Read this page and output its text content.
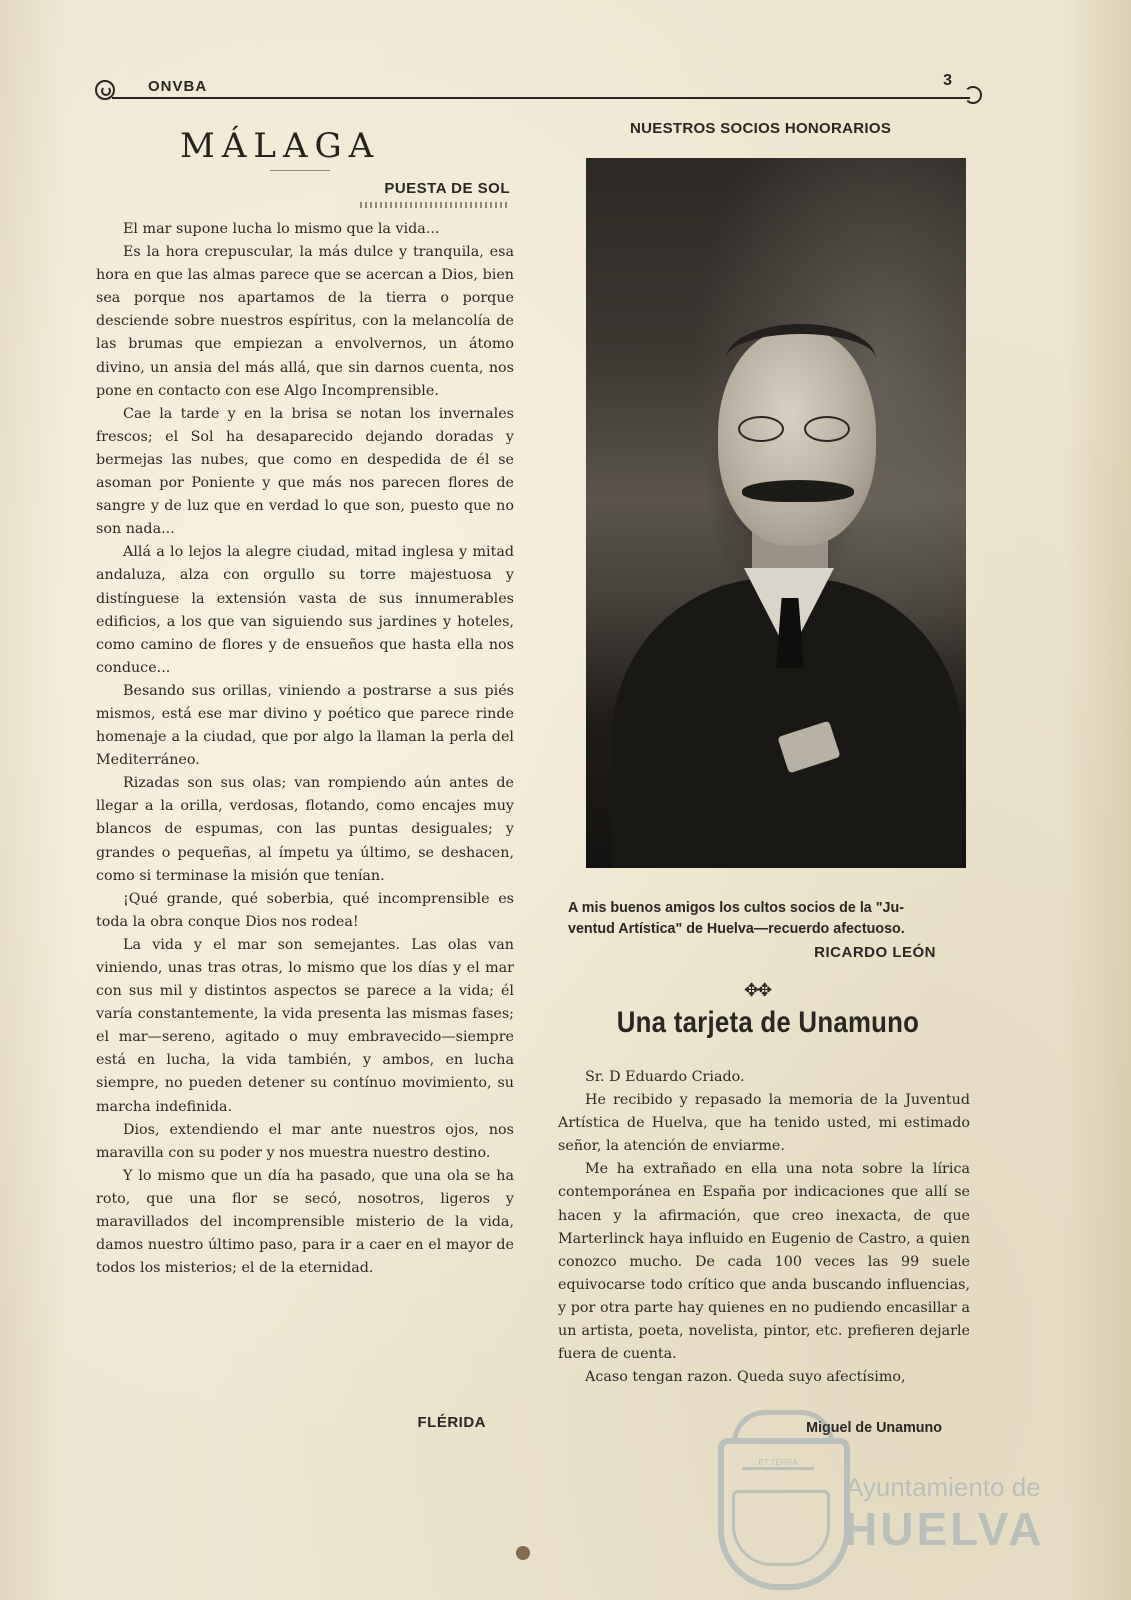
ONVBA	3
MÁLAGA
PUESTA DE SOL

El mar supone lucha lo mismo que la vida...

Es la hora crepuscular, la más dulce y tranquila, esa hora en que las almas parece que se acercan a Dios, bien sea porque nos apartamos de la tierra o porque desciende sobre nuestros espíritus, con la melancolía de las brumas que empiezan a envolvernos, un átomo divino, un ansia del más allá, que sin darnos cuenta, nos pone en contacto con ese Algo Incomprensible.

Cae la tarde y en la brisa se notan los invernales frescos; el Sol ha desaparecido dejando doradas y bermejas las nubes, que como en despedida de él se asoman por Poniente y que más nos parecen flores de sangre y de luz que en verdad lo que son, puesto que no son nada...

Allá a lo lejos la alegre ciudad, mitad inglesa y mitad andaluza, alza con orgullo su torre majestuosa y distínguese la extensión vasta de sus innumerables edificios, a los que van siguiendo sus jardines y hoteles, como camino de flores y de ensueños que hasta ella nos conduce...

Besando sus orillas, viniendo a postrarse a sus piés mismos, está ese mar divino y poético que parece rinde homenaje a la ciudad, que por algo la llaman la perla del Mediterráneo.

Rizadas son sus olas; van rompiendo aún antes de llegar a la orilla, verdosas, flotando, como encajes muy blancos de espumas, con las puntas desiguales; y grandes o pequeñas, al ímpetu ya último, se deshacen, como si terminase la misión que tenían.

¡Qué grande, qué soberbia, qué incomprensible es toda la obra conque Dios nos rodea!

La vida y el mar son semejantes. Las olas van viniendo, unas tras otras, lo mismo que los días y el mar con sus mil y distintos aspectos se parece a la vida; él varía constantemente, la vida presenta las mismas fases; el mar—sereno, agitado o muy embravecido—siempre está en lucha, la vida también, y ambos, en lucha siempre, no pueden detener su contínuo movimiento, su marcha indefinida.

Dios, extendiendo el mar ante nuestros ojos, nos maravilla con su poder y nos muestra nuestro destino.

Y lo mismo que un día ha pasado, que una ola se ha roto, que una flor se secó, nosotros, ligeros y maravillados del incomprensible misterio de la vida, damos nuestro último paso, para ir a caer en el mayor de todos los misterios; el de la eternidad.

FLÉRIDA
NUESTROS SOCIOS HONORARIOS
A mis buenos amigos los cultos socios de la "Ju-
ventud Artística" de Huelva—recuerdo afectuoso.
RICARDO LEÓN
✥✥
Una tarjeta de Unamuno

Sr. D Eduardo Criado.

He recibido y repasado la memoria de la Juventud Artística de Huelva, que ha tenido usted, mi estimado señor, la atención de enviarme.

Me ha extrañado en ella una nota sobre la lírica contemporánea en España por indicaciones que allí se hacen y la afirmación, que creo inexacta, de que Marterlinck haya influido en Eugenio de Castro, a quien conozco mucho. De cada 100 veces las 99 suele equivocarse todo crítico que anda buscando influencias, y por otra parte hay quienes en no pudiendo encasillar a un artista, poeta, novelista, pintor, etc. prefieren dejarle fuera de cuenta.

Acaso tengan razon. Queda suyo afectísimo,

Miguel de Unamuno
ET TERRA
Ayuntamiento de
HUELVA
